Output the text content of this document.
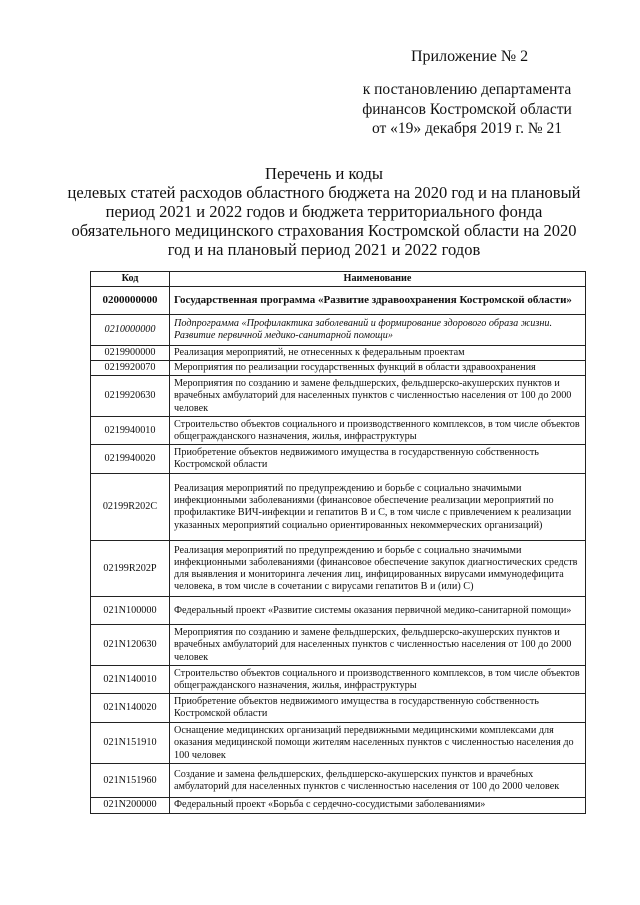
Приложение № 2
к постановлению департамента
финансов Костромской области
от «19» декабря 2019 г. № 21
Перечень и коды
целевых статей расходов областного бюджета на 2020 год и на плановый
период 2021 и 2022 годов и бюджета территориального фонда
обязательного медицинского страхования Костромской области на 2020
год и на плановый период 2021 и 2022 годов
Код	Наименование
0200000000	Государственная программа «Развитие здравоохранения Костромской области»
0210000000	Подпрограмма «Профилактика заболеваний и формирование здорового образа жизни. Развитие первичной медико-санитарной помощи»
0219900000	Реализация мероприятий, не отнесенных к федеральным проектам
0219920070	Мероприятия по реализации государственных функций в области здравоохранения
0219920630	Мероприятия по созданию и замене фельдшерских, фельдшерско-акушерских пунктов и врачебных амбулаторий для населенных пунктов с численностью населения от 100 до 2000 человек
0219940010	Строительство объектов социального и производственного комплексов, в том числе объектов общегражданского назначения, жилья, инфраструктуры
0219940020	Приобретение объектов недвижимого имущества в государственную собственность Костромской области
02199R202C	Реализация мероприятий по предупреждению и борьбе с социально значимыми инфекционными заболеваниями (финансовое обеспечение реализации мероприятий по профилактике ВИЧ-инфекции и гепатитов B и C, в том числе с привлечением к реализации указанных мероприятий социально ориентированных некоммерческих организаций)
02199R202P	Реализация мероприятий по предупреждению и борьбе с социально значимыми инфекционными заболеваниями (финансовое обеспечение закупок диагностических средств для выявления и мониторинга лечения лиц, инфицированных вирусами иммунодефицита человека, в том числе в сочетании с вирусами гепатитов B и (или) C)
021N100000	Федеральный проект «Развитие системы оказания первичной медико-санитарной помощи»
021N120630	Мероприятия по созданию и замене фельдшерских, фельдшерско-акушерских пунктов и врачебных амбулаторий для населенных пунктов с численностью населения от 100 до 2000 человек
021N140010	Строительство объектов социального и производственного комплексов, в том числе объектов общегражданского назначения, жилья, инфраструктуры
021N140020	Приобретение объектов недвижимого имущества в государственную собственность Костромской области
021N151910	Оснащение медицинских организаций передвижными медицинскими комплексами для оказания медицинской помощи жителям населенных пунктов с численностью населения до 100 человек
021N151960	Создание и замена фельдшерских, фельдшерско-акушерских пунктов и врачебных амбулаторий для населенных пунктов с численностью населения от 100 до 2000 человек
021N200000	Федеральный проект «Борьба с сердечно-сосудистыми заболеваниями»
